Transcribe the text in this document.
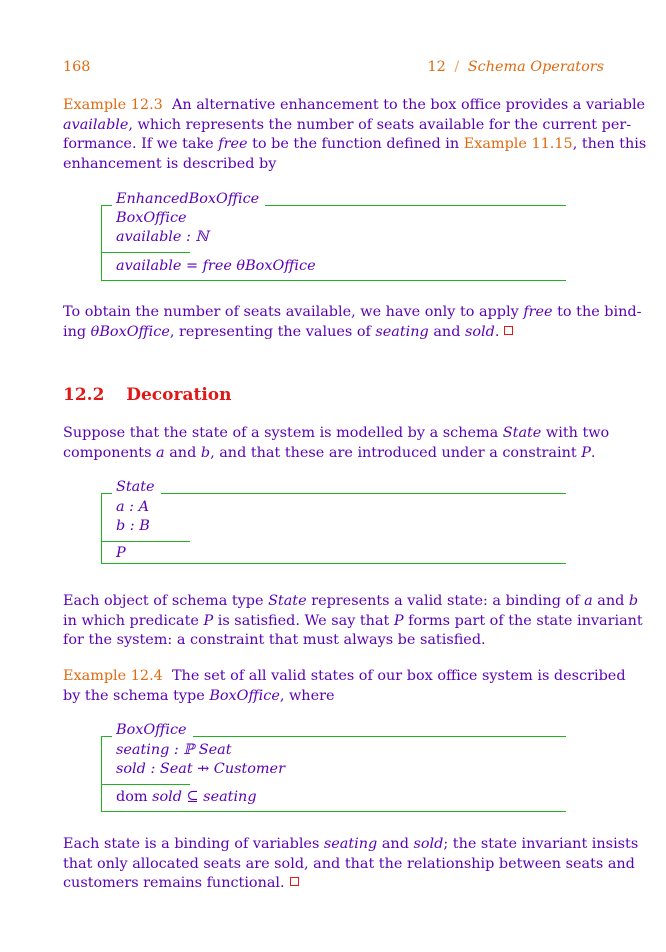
168	12 / Schema Operators
Example 12.3 An alternative enhancement to the box office provides a variable
available, which represents the number of seats available for the current per-
formance. If we take free to be the function defined in Example 11.15, then this
enhancement is described by
EnhancedBoxOffice
BoxOffice
available : ℕ
available = free θBoxOffice
To obtain the number of seats available, we have only to apply free to the bind-
ing θBoxOffice, representing the values of seating and sold.
12.2 Decoration
Suppose that the state of a system is modelled by a schema State with two
components a and b, and that these are introduced under a constraint P.
State
a : A
b : B
P
Each object of schema type State represents a valid state: a binding of a and b
in which predicate P is satisfied. We say that P forms part of the state invariant
for the system: a constraint that must always be satisfied.
Example 12.4 The set of all valid states of our box office system is described
by the schema type BoxOffice, where
BoxOffice
seating : ℙ Seat
sold : Seat ⇸ Customer
dom sold ⊆ seating
Each state is a binding of variables seating and sold; the state invariant insists
that only allocated seats are sold, and that the relationship between seats and
customers remains functional.
